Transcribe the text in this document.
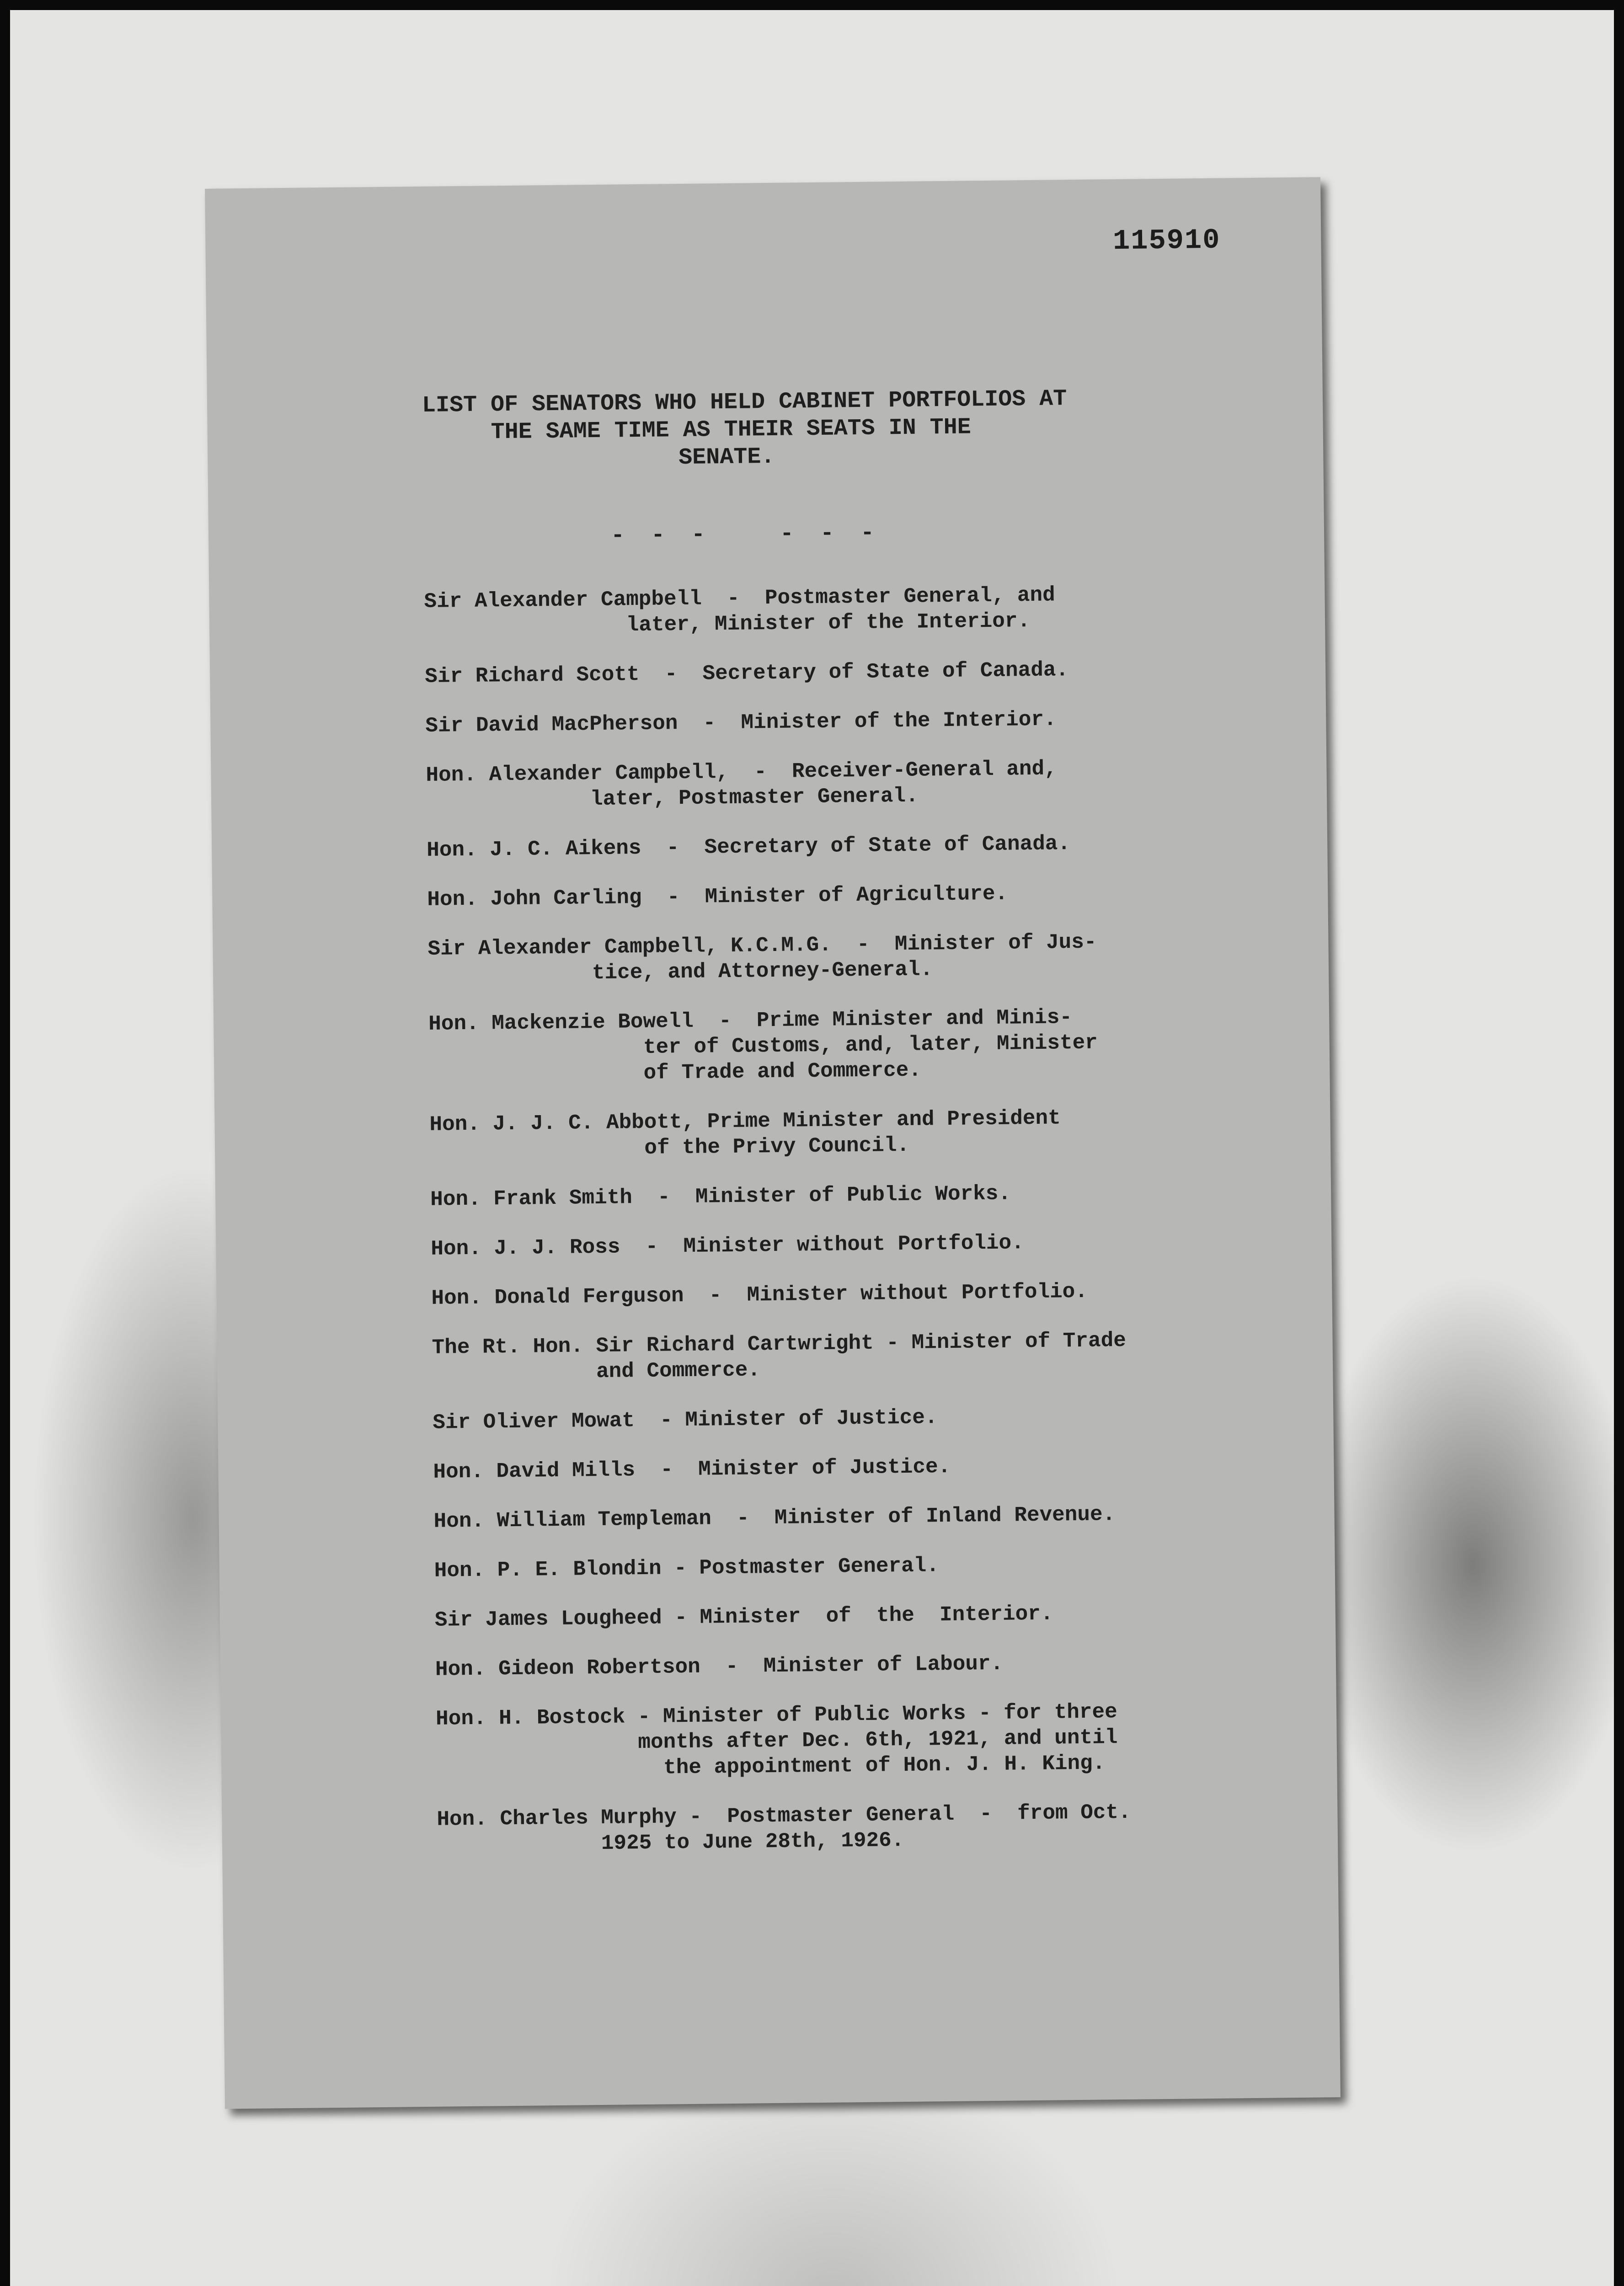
115910
LIST OF SENATORS WHO HELD CABINET PORTFOLIOS AT
THE SAME TIME AS THEIR SEATS IN THE
SENATE.
- - -	- - -
Sir Alexander Campbell  -  Postmaster General, and
later, Minister of the Interior.
Sir Richard Scott  -  Secretary of State of Canada.
Sir David MacPherson  -  Minister of the Interior.
Hon. Alexander Campbell,  -  Receiver-General and,
later, Postmaster General.
Hon. J. C. Aikens  -  Secretary of State of Canada.
Hon. John Carling  -  Minister of Agriculture.
Sir Alexander Campbell, K.C.M.G.  -  Minister of Jus-
tice, and Attorney-General.
Hon. Mackenzie Bowell  -  Prime Minister and Minis-
ter of Customs, and, later, Minister
of Trade and Commerce.
Hon. J. J. C. Abbott, Prime Minister and President
of the Privy Council.
Hon. Frank Smith  -  Minister of Public Works.
Hon. J. J. Ross  -  Minister without Portfolio.
Hon. Donald Ferguson  -  Minister without Portfolio.
The Rt. Hon. Sir Richard Cartwright - Minister of Trade
and Commerce.
Sir Oliver Mowat  - Minister of Justice.
Hon. David Mills  -  Minister of Justice.
Hon. William Templeman  -  Minister of Inland Revenue.
Hon. P. E. Blondin - Postmaster General.
Sir James Lougheed - Minister  of  the  Interior.
Hon. Gideon Robertson  -  Minister of Labour.
Hon. H. Bostock - Minister of Public Works - for three
months after Dec. 6th, 1921, and until
the appointment of Hon. J. H. King.
Hon. Charles Murphy -  Postmaster General  -  from Oct.
1925 to June 28th, 1926.
